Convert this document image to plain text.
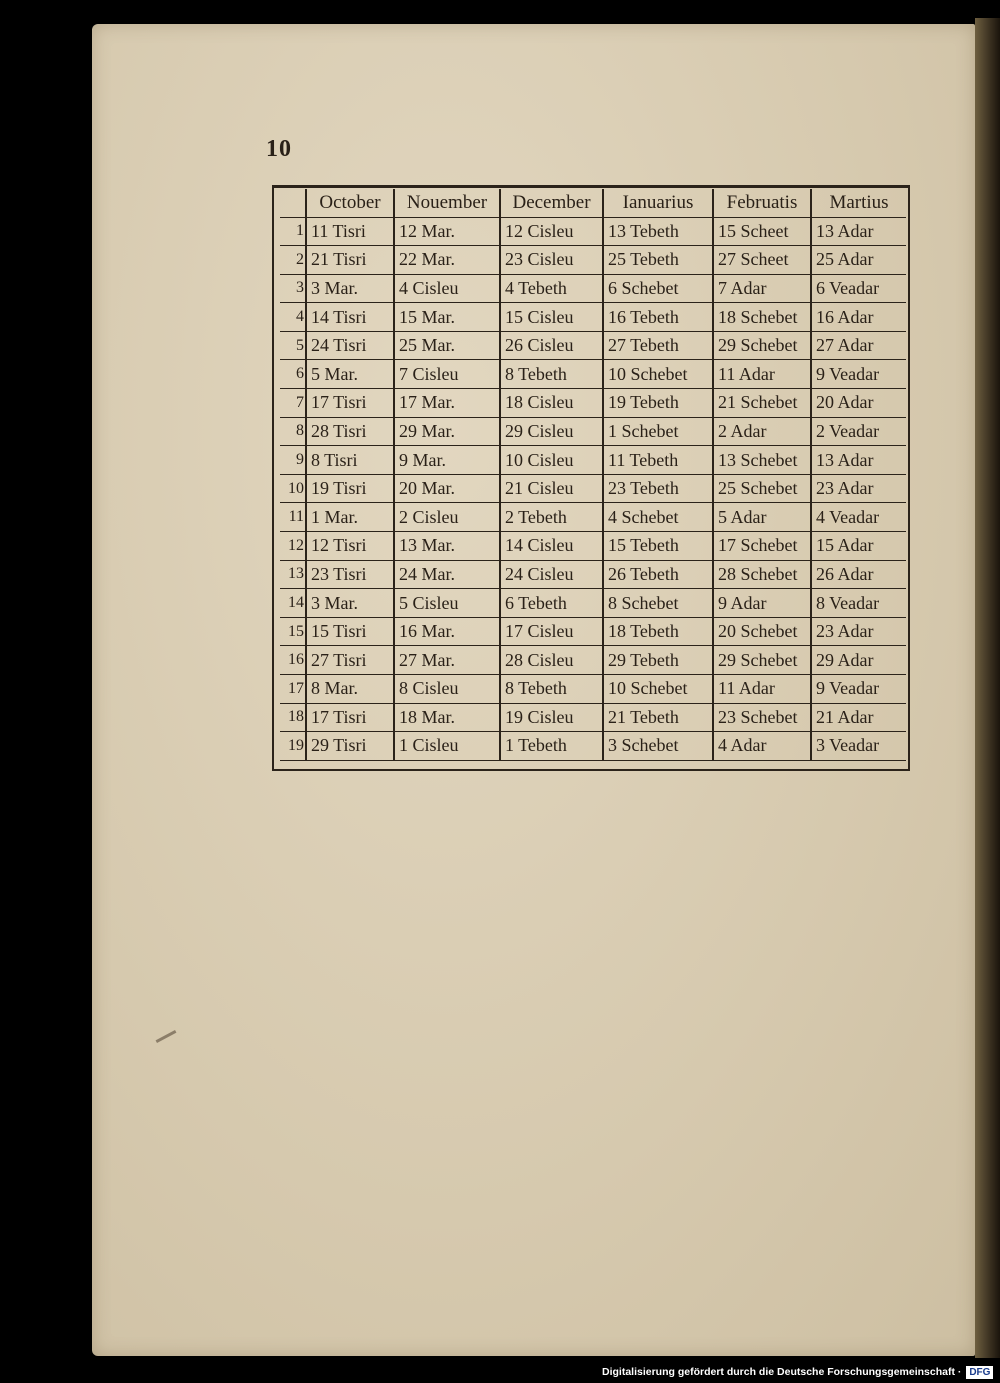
10
	October	Nouember	December	Ianuarius	Februatis	Martius
1	11 Tisri	12 Mar.	12 Cisleu	13 Tebeth	15 Scheet	13 Adar
2	21 Tisri	22 Mar.	23 Cisleu	25 Tebeth	27 Scheet	25 Adar
3	3 Mar.	4 Cisleu	4 Tebeth	6 Schebet	7 Adar	6 Veadar
4	14 Tisri	15 Mar.	15 Cisleu	16 Tebeth	18 Schebet	16 Adar
5	24 Tisri	25 Mar.	26 Cisleu	27 Tebeth	29 Schebet	27 Adar
6	5 Mar.	7 Cisleu	8 Tebeth	10 Schebet	11 Adar	9 Veadar
7	17 Tisri	17 Mar.	18 Cisleu	19 Tebeth	21 Schebet	20 Adar
8	28 Tisri	29 Mar.	29 Cisleu	1 Schebet	2 Adar	2 Veadar
9	8 Tisri	9 Mar.	10 Cisleu	11 Tebeth	13 Schebet	13 Adar
10	19 Tisri	20 Mar.	21 Cisleu	23 Tebeth	25 Schebet	23 Adar
11	1 Mar.	2 Cisleu	2 Tebeth	4 Schebet	5 Adar	4 Veadar
12	12 Tisri	13 Mar.	14 Cisleu	15 Tebeth	17 Schebet	15 Adar
13	23 Tisri	24 Mar.	24 Cisleu	26 Tebeth	28 Schebet	26 Adar
14	3 Mar.	5 Cisleu	6 Tebeth	8 Schebet	9 Adar	8 Veadar
15	15 Tisri	16 Mar.	17 Cisleu	18 Tebeth	20 Schebet	23 Adar
16	27 Tisri	27 Mar.	28 Cisleu	29 Tebeth	29 Schebet	29 Adar
17	8 Mar.	8 Cisleu	8 Tebeth	10 Schebet	11 Adar	9 Veadar
18	17 Tisri	18 Mar.	19 Cisleu	21 Tebeth	23 Schebet	21 Adar
19	29 Tisri	1 Cisleu	1 Tebeth	3 Schebet	4 Adar	3 Veadar
Digitalisierung gefördert durch die Deutsche Forschungsgemeinschaft · DFG
